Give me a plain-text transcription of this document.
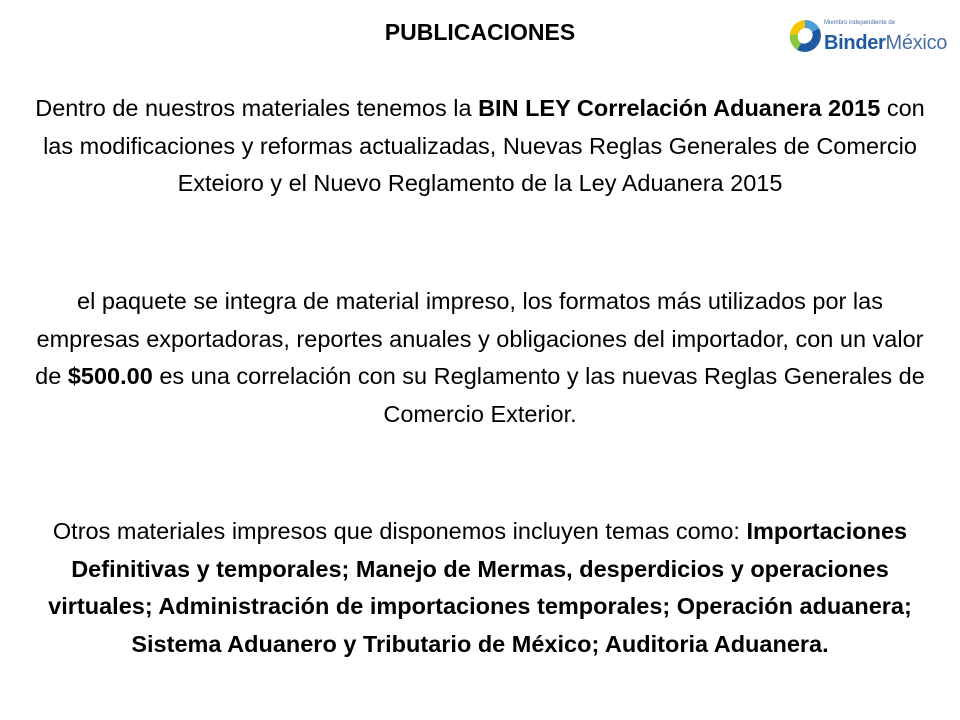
PUBLICACIONES	Miembro independiente de
BinderMéxico
Dentro de nuestros materiales tenemos la BIN LEY Correlación Aduanera 2015 con las modificaciones y reformas actualizadas, Nuevas Reglas Generales de Comercio Exteioro y el Nuevo Reglamento de la Ley Aduanera 2015
el paquete se integra de material impreso, los formatos más utilizados por las empresas exportadoras, reportes anuales y obligaciones del importador, con un valor de $500.00 es una correlación con su Reglamento y las nuevas Reglas Generales de Comercio Exterior.
Otros materiales impresos que disponemos incluyen temas como: Importaciones Definitivas y temporales; Manejo de Mermas, desperdicios y operaciones virtuales; Administración de importaciones temporales; Operación aduanera; Sistema Aduanero y Tributario de México; Auditoria Aduanera.
